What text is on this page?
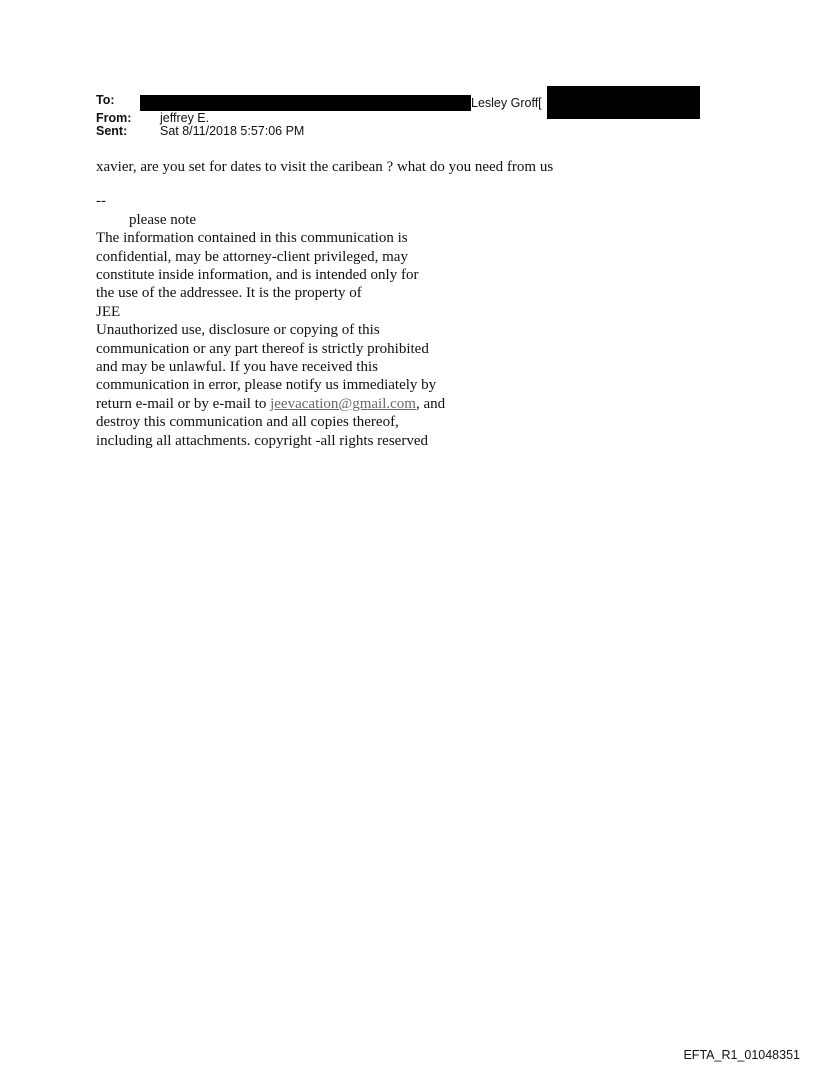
To:	Lesley Groff[
From: jeffrey E.
Sent:	Sat 8/11/2018 5:57:06 PM

xavier, are you set for dates to visit the caribean ? what do you need from us

--
please note
The information contained in this communication is
confidential, may be attorney-client privileged, may
constitute inside information, and is intended only for
the use of the addressee. It is the property of
JEE
Unauthorized use, disclosure or copying of this
communication or any part thereof is strictly prohibited
and may be unlawful. If you have received this
communication in error, please notify us immediately by
return e-mail or by e-mail to jeevacation@gmail.com, and
destroy this communication and all copies thereof,
including all attachments. copyright -all rights reserved
EFTA_R1_01048351
